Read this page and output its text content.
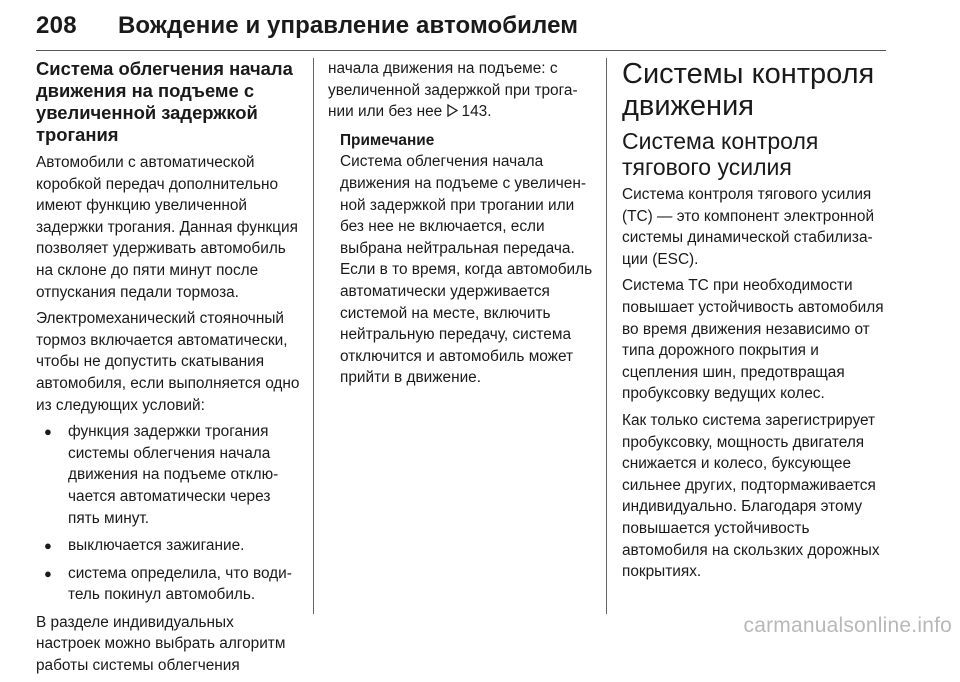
208 Вождение и управление автомобилем
Система облегчения начала движения на подъеме с увеличенной задержкой трогания

Автомобили с автоматической коробкой передач дополнительно имеют функцию увеличенной задержки трогания. Данная функция позволяет удерживать автомобиль на склоне до пяти минут после отпускания педали тормоза.

Электромеханический стояночный тормоз включается автоматически, чтобы не допустить скатывания автомобиля, если выполняется одно из следующих условий:

● функция задержки трогания системы облегчения начала движения на подъеме отключается автоматически через пять минут.
● выключается зажигание.
● система определила, что водитель покинул автомобиль.

В разделе индивидуальных настроек можно выбрать алгоритм работы системы облегчения

начала движения на подъеме: с увеличенной задержкой при трогании или без нее 143.

Примечание
Система облегчения начала движения на подъеме с увеличенной задержкой при трогании или без нее не включается, если выбрана нейтральная передача. Если в то время, когда автомобиль автоматически удерживается системой на месте, включить нейтральную передачу, система отключится и автомобиль может прийти в движение.
Системы контроля движения
Система контроля тягового усилия

Система контроля тягового усилия (TC) — это компонент электронной системы динамической стабилизации (ESC).

Система TC при необходимости повышает устойчивость автомобиля во время движения независимо от типа дорожного покрытия и сцепления шин, предотвращая пробуксовку ведущих колес.

Как только система зарегистрирует пробуксовку, мощность двигателя снижается и колесо, буксующее сильнее других, подтормаживается индивидуально. Благодаря этому повышается устойчивость автомобиля на скользких дорожных покрытиях.

carmanualsonline.info
